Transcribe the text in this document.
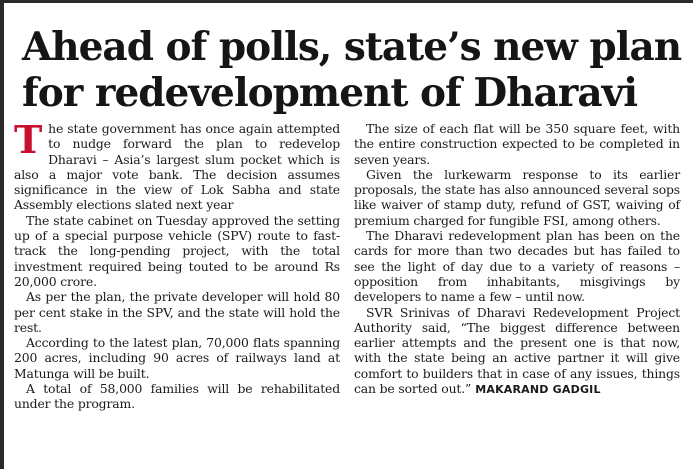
Ahead of polls, state’s new plan
for redevelopment of Dharavi

The state government has once again attempted to nudge forward the plan to redevelop Dharavi – Asia’s largest slum pocket which is also a major vote bank. The decision assumes significance in the view of Lok Sabha and state Assembly elections slated next year

The state cabinet on Tuesday approved the setting up of a special purpose vehicle (SPV) route to fast-track the long-pending project, with the total investment required being touted to be around Rs 20,000 crore.

As per the plan, the private developer will hold 80 per cent stake in the SPV, and the state will hold the rest.

According to the latest plan, 70,000 flats spanning 200 acres, including 90 acres of railways land at Matunga will be built.

A total of 58,000 families will be rehabilitated under the program.

The size of each flat will be 350 square feet, with the entire construction expected to be completed in seven years.

Given the lurkewarm response to its earlier proposals, the state has also announced several sops like waiver of stamp duty, refund of GST, waiving of premium charged for fungible FSI, among others.

The Dharavi redevelopment plan has been on the cards for more than two decades but has failed to see the light of day due to a variety of reasons – opposition from inhabitants, misgivings by developers to name a few – until now.

SVR Srinivas of Dharavi Redevelopment Project Authority said, “The biggest difference between earlier attempts and the present one is that now, with the state being an active partner it will give comfort to builders that in case of any issues, things can be sorted out.” MAKARAND GADGIL
